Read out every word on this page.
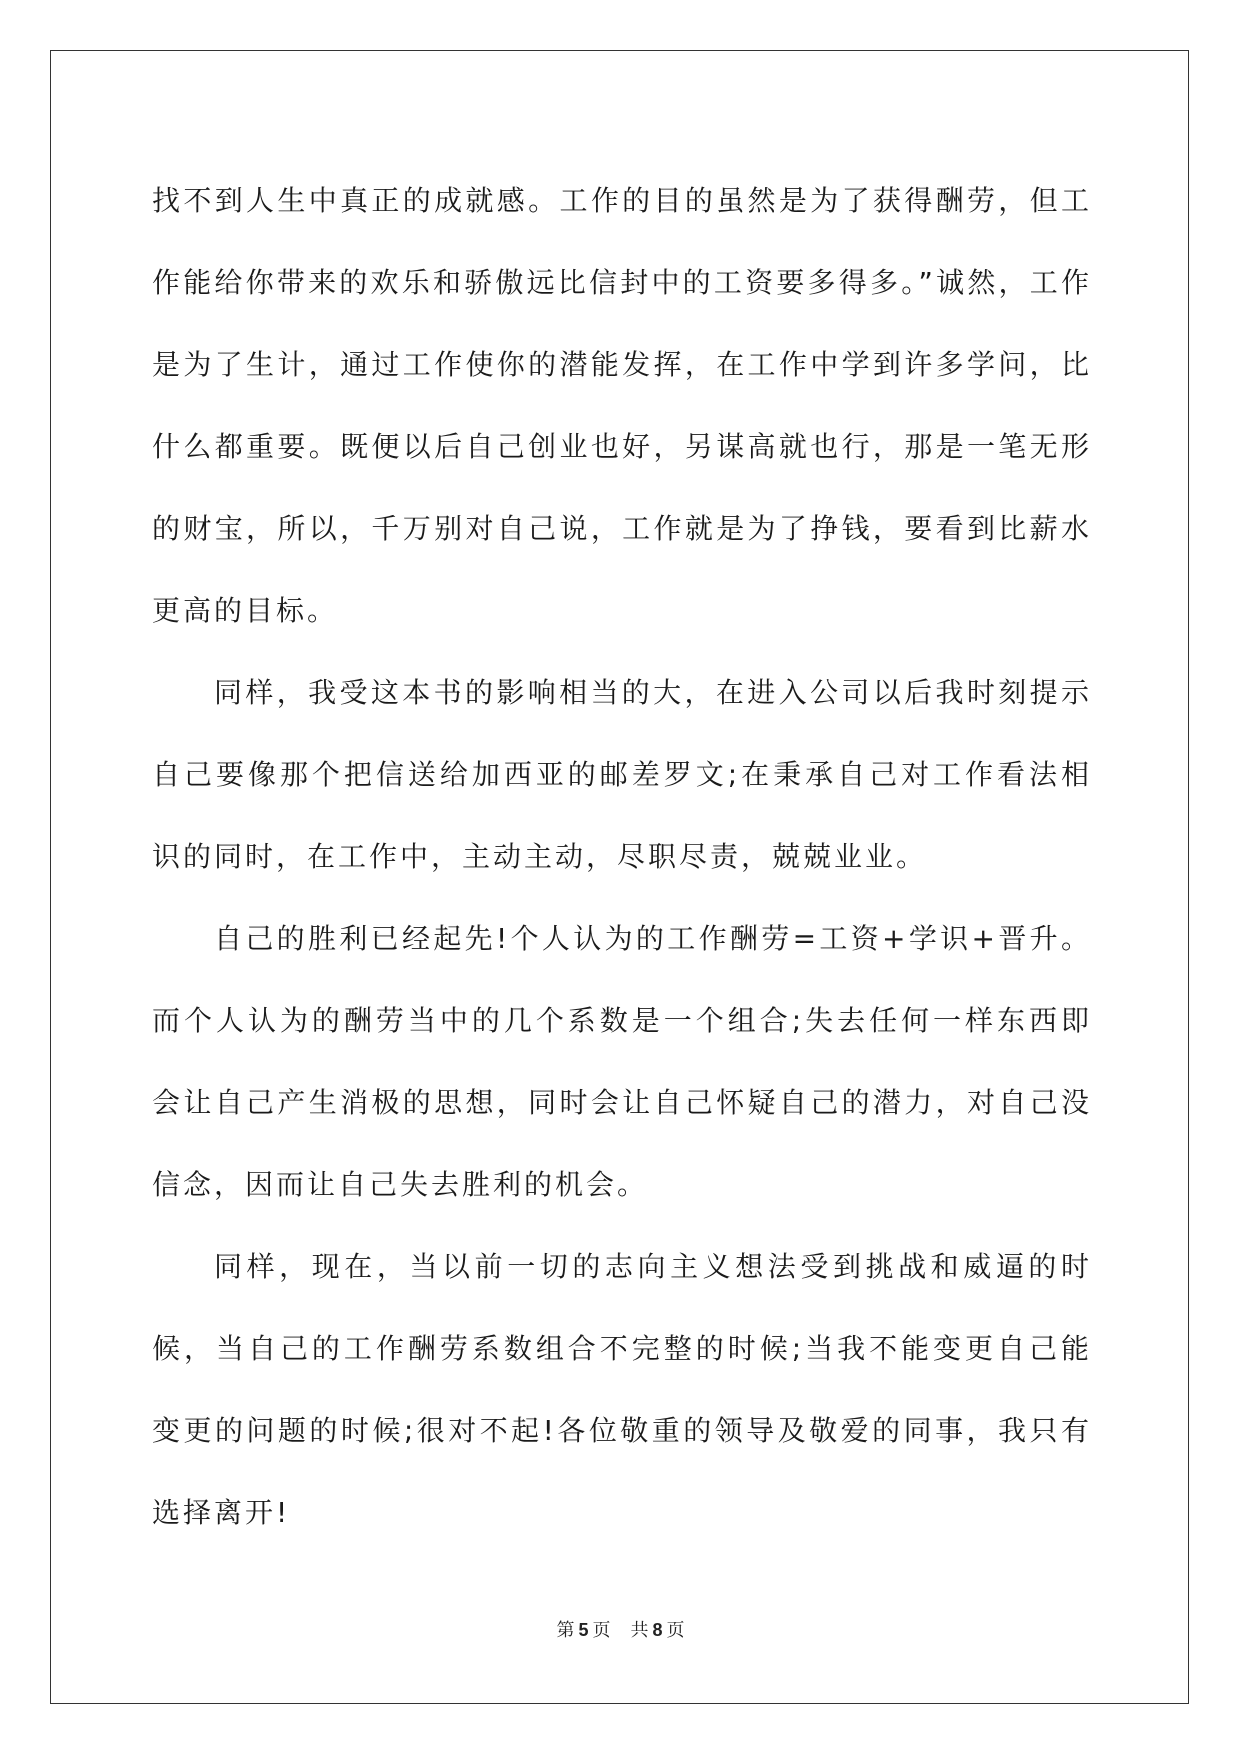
找不到人生中真正的成就感。工作的目的虽然是为了获得酬劳，但工作能给你带来的欢乐和骄傲远比信封中的工资要多得多。”诚然，工作是为了生计，通过工作使你的潜能发挥，在工作中学到许多学问，比什么都重要。既便以后自己创业也好，另谋高就也行，那是一笔无形的财宝，所以，千万别对自己说，工作就是为了挣钱，要看到比薪水更高的目标。

同样，我受这本书的影响相当的大，在进入公司以后我时刻提示自己要像那个把信送给加西亚的邮差罗文;在秉承自己对工作看法相识的同时，在工作中，主动主动，尽职尽责，兢兢业业。

自己的胜利已经起先!个人认为的工作酬劳=工资+学识+晋升。而个人认为的酬劳当中的几个系数是一个组合;失去任何一样东西即会让自己产生消极的思想，同时会让自己怀疑自己的潜力，对自己没信念，因而让自己失去胜利的机会。

同样，现在，当以前一切的志向主义想法受到挑战和威逼的时候，当自己的工作酬劳系数组合不完整的时候;当我不能变更自己能变更的问题的时候;很对不起!各位敬重的领导及敬爱的同事，我只有选择离开!

第 5 页 共 8 页
